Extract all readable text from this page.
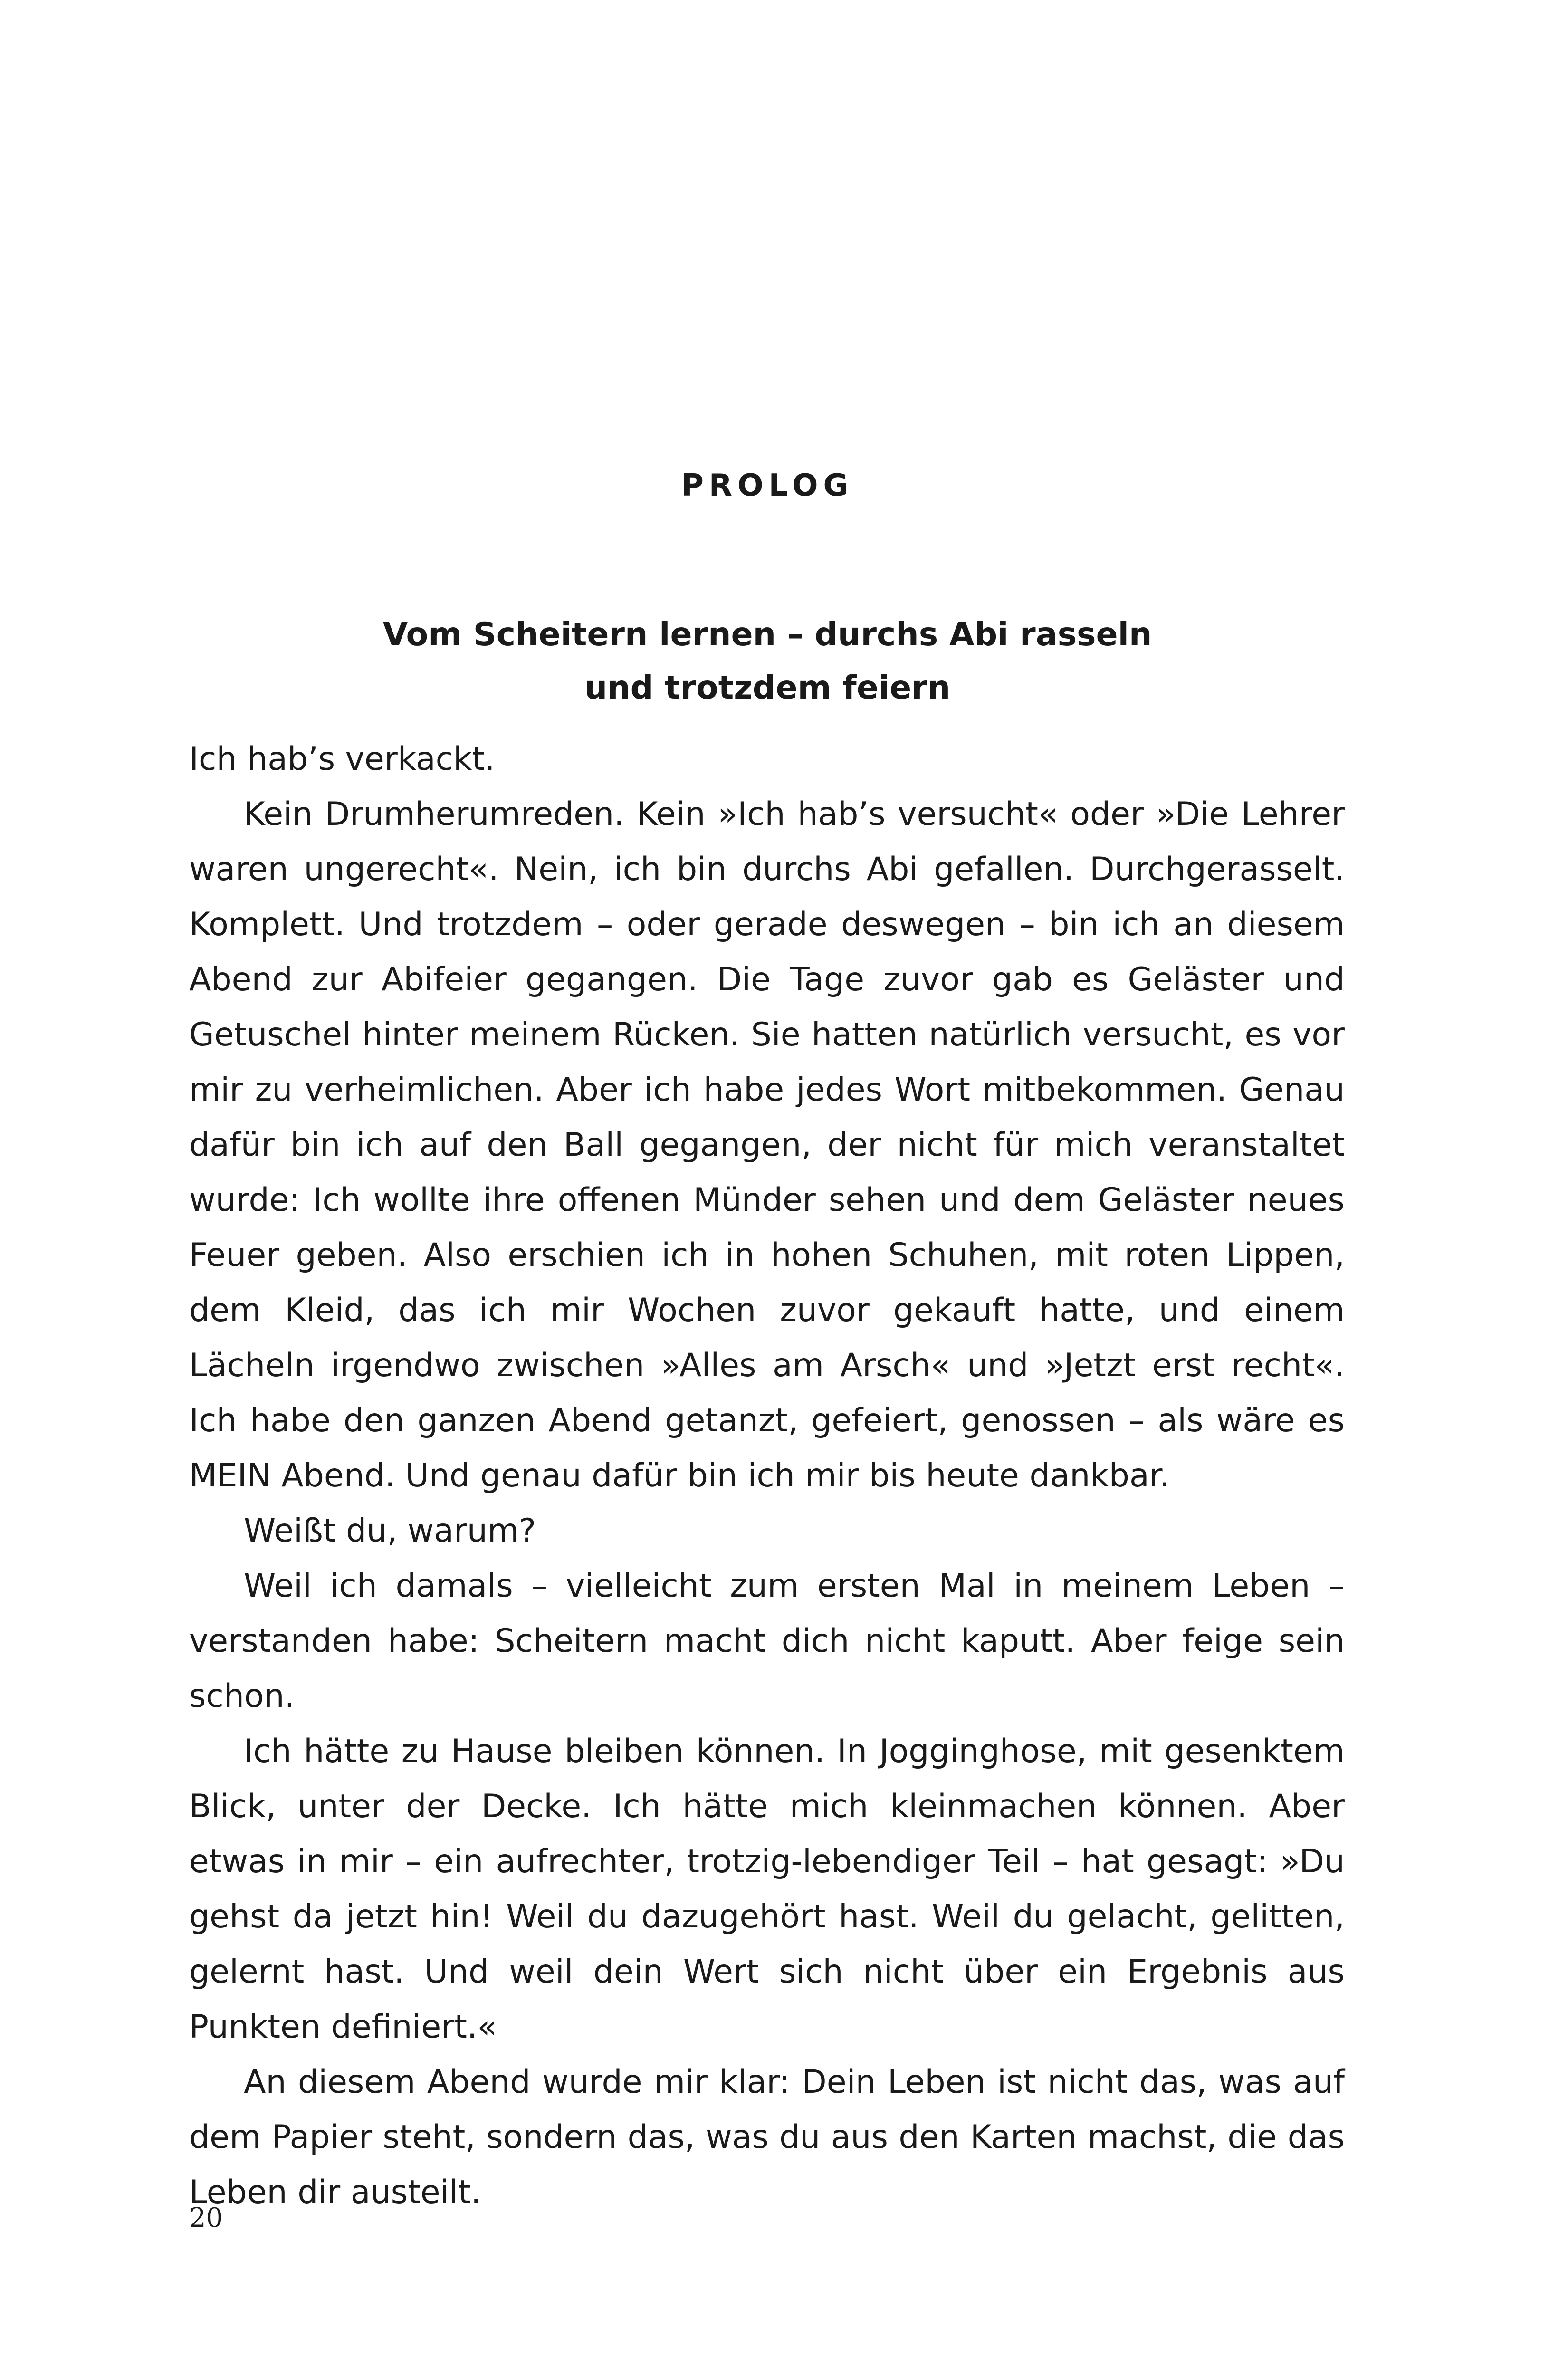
PROLOG
Vom Scheitern lernen – durchs Abi rasseln
und trotzdem feiern

Ich hab’s verkackt.

Kein Drumherumreden. Kein »Ich hab’s versucht« oder »Die Lehrer waren ungerecht«. Nein, ich bin durchs Abi gefallen. Durchgerasselt. Komplett. Und trotzdem – oder gerade deswegen – bin ich an diesem Abend zur Abifeier gegangen. Die Tage zuvor gab es Geläster und Getuschel hinter meinem Rücken. Sie hatten natürlich versucht, es vor mir zu verheimlichen. Aber ich habe jedes Wort mitbekommen. Genau dafür bin ich auf den Ball gegangen, der nicht für mich veranstaltet wurde: Ich wollte ihre offenen Münder sehen und dem Geläster neues Feuer geben. Also erschien ich in hohen Schuhen, mit roten Lippen, dem Kleid, das ich mir Wochen zuvor gekauft hatte, und einem Lächeln irgendwo zwischen »Alles am Arsch« und »Jetzt erst recht«. Ich habe den ganzen Abend getanzt, gefeiert, genossen – als wäre es MEIN Abend. Und genau dafür bin ich mir bis heute dankbar.

Weißt du, warum?

Weil ich damals – vielleicht zum ersten Mal in meinem Leben – verstanden habe: Scheitern macht dich nicht kaputt. Aber feige sein schon.

Ich hätte zu Hause bleiben können. In Jogginghose, mit gesenktem Blick, unter der Decke. Ich hätte mich kleinmachen können. Aber etwas in mir – ein aufrechter, trotzig-lebendiger Teil – hat gesagt: »Du gehst da jetzt hin! Weil du dazugehört hast. Weil du gelacht, gelitten, gelernt hast. Und weil dein Wert sich nicht über ein Ergebnis aus Punkten definiert.«

An diesem Abend wurde mir klar: Dein Leben ist nicht das, was auf dem Papier steht, sondern das, was du aus den Karten machst, die das Leben dir austeilt.

20
